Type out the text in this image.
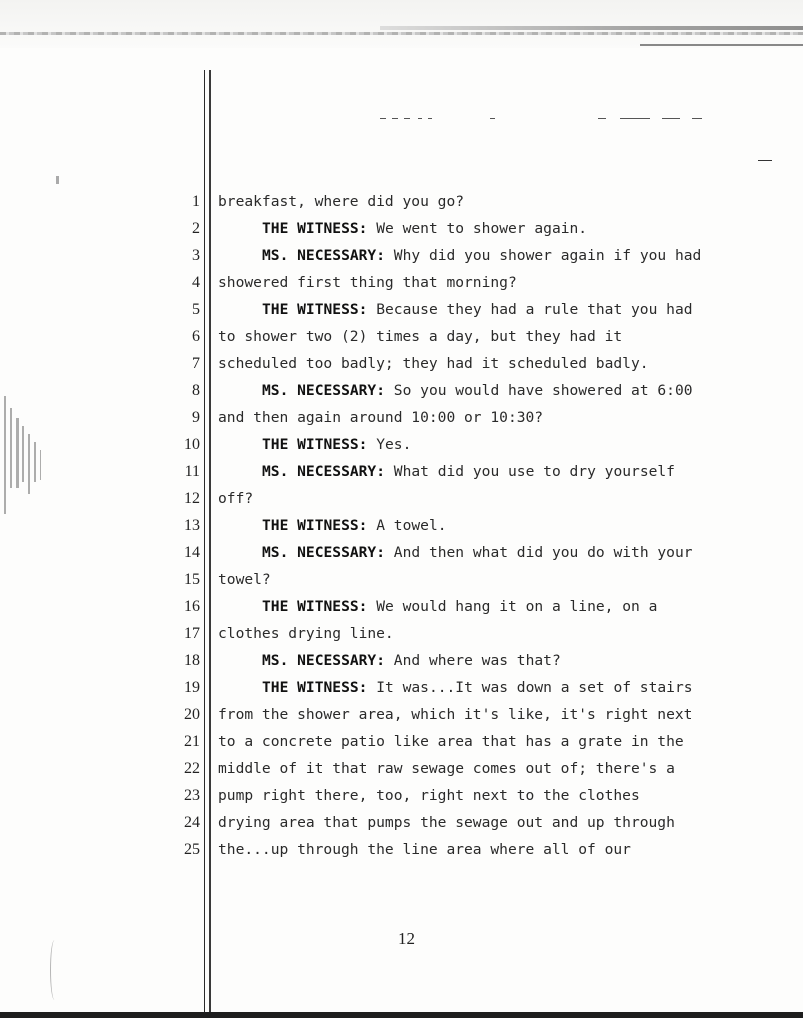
1 breakfast, where did you go?
2	THE WITNESS: We went to shower again.
3	MS. NECESSARY: Why did you shower again if you had
4 showered first thing that morning?
5	THE WITNESS: Because they had a rule that you had
6 to shower two (2) times a day, but they had it
7 scheduled too badly; they had it scheduled badly.
8	MS. NECESSARY: So you would have showered at 6:00
9 and then again around 10:00 or 10:30?
10	THE WITNESS: Yes.
11	MS. NECESSARY: What did you use to dry yourself
12 off?
13	THE WITNESS: A towel.
14	MS. NECESSARY: And then what did you do with your
15 towel?
16	THE WITNESS: We would hang it on a line, on a
17 clothes drying line.
18	MS. NECESSARY: And where was that?
19	THE WITNESS: It was...It was down a set of stairs
20 from the shower area, which it's like, it's right next
21 to a concrete patio like area that has a grate in the
22 middle of it that raw sewage comes out of; there's a
23 pump right there, too, right next to the clothes
24 drying area that pumps the sewage out and up through
25 the...up through the line area where all of our
12
